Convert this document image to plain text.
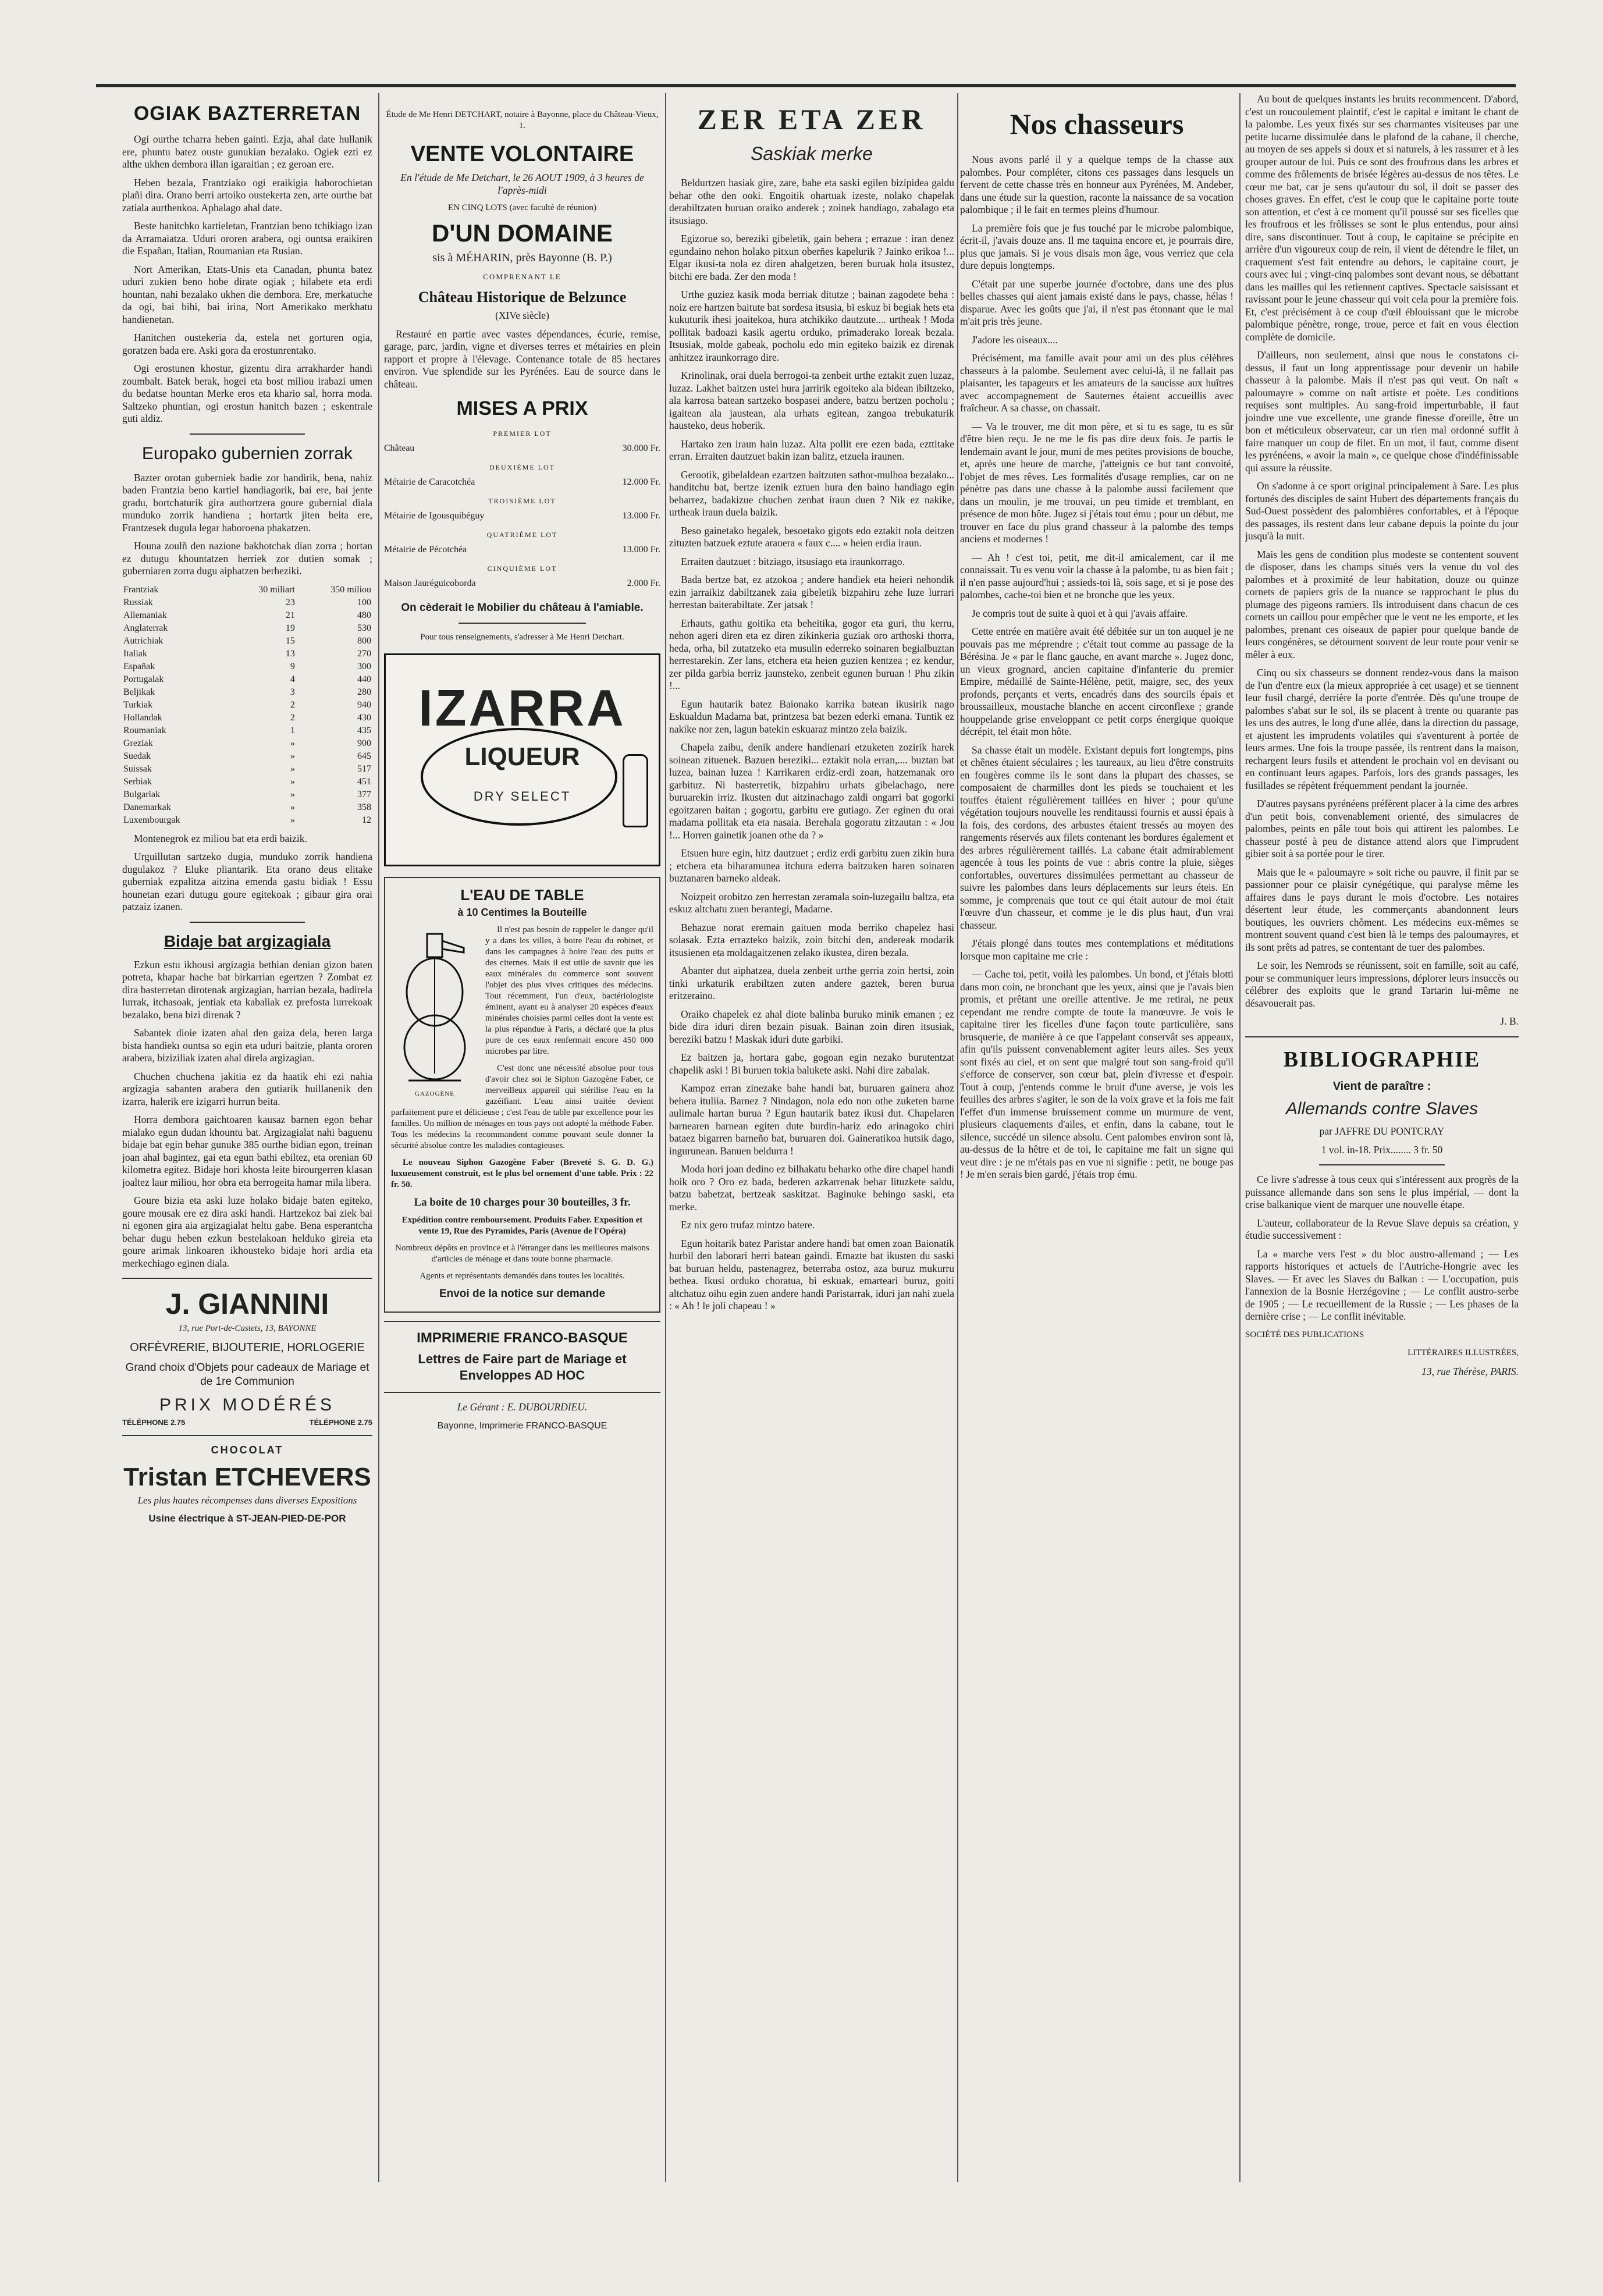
OGIAK BAZTERRETAN

Ogi ourthe tcharra heben gainti. Ezja, ahal date hullanik ere, phuntu batez ouste gunukian bezalako. Ogiek ezti ez althe ukhen dembora illan igaraitian ; ez geroan ere.

Heben bezala, Frantziako ogi eraikigia haborochietan plañi dira. Orano berri artoiko oustekerta zen, arte ourthe bat zatiala aurthenkoa. Aphalago ahal date.

Beste hanitchko kartieletan, Frantzian beno tchikiago izan da Arramaiatza. Uduri ororen arabera, ogi ountsa eraikiren die Españan, Italian, Roumanian eta Rusian.

Nort Amerikan, Etats-Unis eta Canadan, phunta batez uduri zukien beno hobe dirate ogiak ; hilabete eta erdi hountan, nahi bezalako ukhen die dembora. Ere, merkatuche da ogi, bai bihi, bai irina, Nort Amerikako merkhatu handienetan.

Hanitchen oustekeria da, estela net gorturen ogia, goratzen bada ere. Aski gora da erostunrentako.

Ogi erostunen khostur, gizentu dira arrakharder handi zoumbalt. Batek berak, hogei eta bost miliou irabazi umen du bedatse hountan Merke eros eta khario sal, horra moda. Saltzeko phuntian, ogi erostun hanitch bazen ; eskentrale guti aldiz.

Europako gubernien zorrak

Bazter orotan guberniek badie zor handirik, bena, nahiz baden Frantzia beno kartiel handiagorik, bai ere, bai jente gradu, bortchaturik gira authortzera goure gubernial diala munduko zorrik handiena ; hortartk jiten beita ere, Frantzesek dugula legar haboroena phakatzen.

Houna zoulñ den nazione bakhotchak dian zorra ; hortan ez dutugu khountatzen herriek zor dutien somak ; guberniaren zorra dugu aiphatzen berheziki.

Frantziak	30 miliart	350 miliou
Russiak	23	100
Allemaniak	21	480
Anglaterrak	19	530
Autrichiak	15	800
Italiak	13	270
Españak	9	300
Portugalak	4	440
Beljikak	3	280
Turkiak	2	940
Hollandak	2	430
Roumaniak	1	435
Greziak	»	900
Suedak	»	645
Suissak	»	517
Serbiak	»	451
Bulgariak	»	377
Danemarkak	»	358
Luxembourgak	»	12

Montenegrok ez miliou bat eta erdi baizik.

Urguillutan sartzeko dugia, munduko zorrik handiena dugulakoz ? Eluke pliantarik. Eta orano deus elitake guberniak ezpalitza aitzina emenda gastu bidiak ! Essu hounetan ezari dutugu goure egitekoak ; gibaur gira orai patzaiz izanen.

Bidaje bat argizagiala

Ezkun estu ikhousi argizagia bethian denian gizon baten potreta, khapar hache bat birkarrian egertzen ? Zombat ez dira basterretan dirotenak argizagian, harrian bezala, badirela lurrak, itchasoak, jentiak eta kabaliak ez prefosta lurrekoak bezalako, bena bizi direnak ?

Sabantek dioie izaten ahal den gaiza dela, beren larga bista handiekı ountsa so egin eta uduri baitzie, planta ororen arabera, biziziliak izaten ahal direla argizagian.

Chuchen chuchena jakitia ez da haatik ehi ezi nahia argizagia sabanten arabera den gutiarik huillanenik den izarra, halerik ere izigarri hurrun beita.

Horra dembora gaichtoaren kausaz barnen egon behar mialako egun dudan khountu bat. Argizagialat nahi baguenu bidaje bat egin behar gunuke 385 ourthe bidian egon, treinan joan ahal bagintez, gai eta egun bathi ebiltez, eta orenian 60 kilometra egitez. Bidaje hori khosta leite birourgerren klasan joaltez laur miliou, hor obra eta berrogeita hamar mila libera.

Goure bizia eta aski luze holako bidaje baten egiteko, goure mousak ere ez dira aski handi. Hartzekoz bai ziek bai ni egonen gira aia argizagialat heltu gabe. Bena esperantcha behar dugu heben ezkun bestelakoan helduko gireia eta goure arimak linkoaren ikhousteko bidaje hori ardia eta merkechiago eginen diala.

J. GIANNINI

13, rue Port-de-Castets, 13, BAYONNE

ORFÈVRERIE, BIJOUTERIE, HORLOGERIE

Grand choix d'Objets pour cadeaux de Mariage et de 1re Communion

PRIX MODÉRÉS

TÉLÉPHONE 2.75	TÉLÉPHONE 2.75

CHOCOLAT

Tristan ETCHEVERS

Les plus hautes récompenses dans diverses Expositions

Usine électrique à ST-JEAN-PIED-DE-POR

Étude de Me Henri DETCHART, notaire à Bayonne, place du Château-Vieux, 1.

VENTE VOLONTAIRE

En l'étude de Me Detchart, le 26 AOUT 1909, à 3 heures de l'après-midi

EN CINQ LOTS (avec faculté de réunion)

D'UN DOMAINE

sis à MÉHARIN, près Bayonne (B. P.)

COMPRENANT LE

Château Historique de Belzunce

(XIVe siècle)

Restauré en partie avec vastes dépendances, écurie, remise, garage, parc, jardin, vigne et diverses terres et métairies en plein rapport et propre à l'élevage. Contenance totale de 85 hectares environ. Vue splendide sur les Pyrénées. Eau de source dans le château.

MISES A PRIX
PREMIER LOT	
Château	30.000 Fr.
DEUXIÈME LOT	
Métairie de Caracotchéa	12.000 Fr.
TROISIÈME LOT	
Métairie de Igousquibéguy	13.000 Fr.
QUATRIÈME LOT	
Métairie de Pécotchéa	13.000 Fr.
CINQUIÈME LOT	
Maison Jauréguicoborda	2.000 Fr.

On cèderait le Mobilier du château à l'amiable.

Pour tous renseignements, s'adresser à Me Henri Detchart.

IZARRA
LIQUEUR
DRY SELECT
L'EAU DE TABLE

à 10 Centimes la Bouteille

GAZOGÈNE

Il n'est pas besoin de rappeler le danger qu'il y a dans les villes, à boire l'eau du robinet, et dans les campagnes à boire l'eau des puits et des citernes. Mais il est utile de savoir que les eaux minérales du commerce sont souvent l'objet des plus vives critiques des médecins. Tout récemment, l'un d'eux, bactériologiste éminent, ayant eu à analyser 20 espèces d'eaux minérales choisies parmi celles dont la vente est la plus répandue à Paris, a déclaré que la plus pure de ces eaux renfermait encore 450 000 microbes par litre.

C'est donc une nécessité absolue pour tous d'avoir chez soi le Siphon Gazogène Faber, ce merveilleux appareil qui stérilise l'eau en la gazéifiant. L'eau ainsi traitée devient parfaitement pure et délicieuse ; c'est l'eau de table par excellence pour les familles. Un million de ménages en tous pays ont adopté la méthode Faber. Tous les médecins la recommandent comme pouvant seule donner la sécurité absolue contre les maladies contagieuses.

Le nouveau Siphon Gazogène Faber (Breveté S. G. D. G.) luxueusement construit, est le plus bel ornement d'une table. Prix : 22 fr. 50.

La boite de 10 charges pour 30 bouteilles, 3 fr.

Expédition contre remboursement. Produits Faber. Exposition et vente 19, Rue des Pyramides, Paris (Avenue de l'Opéra)

Nombreux dépôts en province et à l'étranger dans les meilleures maisons d'articles de ménage et dans toute bonne pharmacie.

Agents et représentants demandés dans toutes les localités.

Envoi de la notice sur demande

IMPRIMERIE FRANCO-BASQUE

Lettres de Faire part de Mariage et Enveloppes AD HOC

Le Gérant : E. DUBOURDIEU.

Bayonne, Imprimerie FRANCO-BASQUE

ZER ETA ZER

Saskiak merke

Beldurtzen hasiak gire, zare, bahe eta saski egilen bizipidea galdu behar othe den ooki. Engoitik ohartuak izeste, nolako chapelak derabiltzaten buruan oraiko anderek ; zoinek handiago, zabalago eta itsusiago.

Egizorue so, bereziki gibeletik, gain behera ; errazue : iran denez egundaino nehon holako pitxun oberñes kapelurik ? Jainko erikoa !... Elgar ikusi-ta nola ez diren ahalgetzen, beren buruak hola itsustez, bitchi ere bada. Zer den moda !

Urthe guziez kasik moda berriak ditutze ; bainan zagodete beha : noiz ere hartzen baitute bat sordesa itsusia, bi eskuz bi begiak hets eta kukuturik ihesi joaitekoa, hura atchikiko dautzute.... urtheak ! Moda pollitak badoazi kasik agertu orduko, primaderako loreak bezala. Itsusiak, molde gabeak, pocholu edo min egiteko baizik ez direnak anhitzez iraunkorrago dire.

Krinolinak, orai duela berrogoi-ta zenbeit urthe eztakit zuen luzaz, luzaz. Lakhet baitzen ustei hura jarririk egoiteko ala bidean ibiltzeko, ala karrosa batean sartzeko bospasei andere, batzu bertzen pocholu ; igaitean ala jaustean, ala urhats egitean, zangoa trebukaturik hausteko, deus hoberik.

Hartako zen iraun hain luzaz. Alta pollit ere ezen bada, ezttitake erran. Erraiten dautzuet bakin izan balitz, etzuela iraunen.

Gerootik, gibelaldean ezartzen baitzuten sathor-mulhoa bezalako... handitchu bat, bertze izenik eztuen hura den baino handiago egin beharrez, badakizue chuchen zenbat iraun duen ? Nik ez nakike, urtheak iraun duela baizik.

Beso gainetako hegalek, besoetako gigots edo eztakit nola deitzen zituzten batzuek eztute arauera « faux c.... » heien erdia iraun.

Erraiten dautzuet : bitziago, itsusiago eta iraunkorrago.

Bada bertze bat, ez atzokoa ; andere handiek eta heieri nehondik ezin jarraikiz dabiltzanek zaia gibeletik bizpahiru zehe luze lurrari herrestan baiterabiltate. Zer jatsak !

Erhauts, gathu goitika eta beheitika, gogor eta guri, thu kerru, nehon ageri diren eta ez diren zikinkeria guziak oro arthoski thorra, heda, orha, bil zutatzeko eta musulin ederreko soinaren begialbuztan herrestarekin. Zer lans, etchera eta heien guzien kentzea ; ez kendur, zer pilda garbia berriz jaunsteko, zenbeit egunen buruan ! Phu zikin !...

Egun hautarik batez Baionako karrika batean ikusirik nago Eskualdun Madama bat, printzesa bat bezen ederki emana. Tuntik ez nakike nor zen, lagun batekin eskuaraz mintzo zela baizik.

Chapela zaibu, denik andere handienari etzuketen zozirik harek soinean zituenek. Bazuen bereziki... eztakit nola erran,.... buztan bat luzea, bainan luzea ! Karrikaren erdiz-erdi zoan, hatzemanak oro garbituz. Ni basterretik, bizpahiru urhats gibelachago, nere buruarekin irriz. Ikusten dut aitzinachago zaldi ongarri bat gogorki egoitzaren baitan ; gogortu, garbitu ere gutiago. Zer eginen du orai madama pollitak eta eta nasaia. Berehala gogoratu zitzautan : « Jou !... Horren gainetik joanen othe da ? »

Etsuen hure egin, hitz dautzuet ; erdiz erdi garbitu zuen zikin hura ; etchera eta biharamunea itchura ederra baitzuken haren soinaren buztanaren barneko aldeak.

Noizpeit orobitzo zen herrestan zeramala soin-luzegailu baltza, eta eskuz altchatu zuen berantegi, Madame.

Behazue norat eremain gaituen moda berriko chapelez hasi solasak. Ezta errazteko baizik, zoin bitchi den, andereak modarik itsusienen eta moldagaitzenen zelako ikustea, diren bezala.

Abanter dut aiphatzea, duela zenbeit urthe gerria zoin hertsi, zoin tinki urkaturik erabiltzen zuten andere gaztek, beren burua eritzeraino.

Oraiko chapelek ez ahal diote balinba buruko minik emanen ; ez bide dira iduri diren bezain pisuak. Bainan zoin diren itsusiak, bereziki batzu ! Maskak iduri dute garbiki.

Ez baitzen ja, hortara gabe, gogoan egin nezako burutentzat chapelik aski ! Bi buruen tokia balukete aski. Nahi dire zabalak.

Kampoz erran zinezake bahe handi bat, buruaren gainera ahoz behera ituliia. Barnez ? Nindagon, nola edo non othe zuketen barne aulimale hartan burua ? Egun hautarik batez ikusi dut. Chapelaren barnearen barnean egiten dute burdin-hariz edo arinagoko chiri bataez bigarren barneño bat, buruaren doi. Gaineratikoa hutsik dago, ingurunean. Banuen beldurra !

Moda hori joan dedino ez bilhakatu beharko othe dire chapel handi hoik oro ? Oro ez bada, bederen azkarrenak behar lituzkete saldu, batzu babetzat, bertzeak saskitzat. Baginuke behingo saski, eta merke.

Ez nix gero trufaz mintzo batere.

Egun hoitarik batez Paristar andere handi bat omen zoan Baionatik hurbil den laborari herri batean gaindi. Emazte bat ikusten du saski bat buruan heldu, pastenagrez, beterraba ostoz, aza buruz mukurru bethea. Ikusi orduko choratua, bi eskuak, emarteari buruz, goiti altchatuz oihu egin zuen andere handi Paristarrak, iduri jan nahi zuela : « Ah ! le joli chapeau ! »

Nos chasseurs

Nous avons parlé il y a quelque temps de la chasse aux palombes. Pour compléter, citons ces passages dans lesquels un fervent de cette chasse très en honneur aux Pyrénées, M. Andeber, dans une étude sur la question, raconte la naissance de sa vocation palombique ; il le fait en termes pleins d'humour.

La première fois que je fus touché par le microbe palombique, écrit-il, j'avais douze ans. Il me taquina encore et, je pourrais dire, plus que jamais. Si je vous disais mon âge, vous verriez que cela dure depuis longtemps.

C'était par une superbe journée d'octobre, dans une des plus belles chasses qui aient jamais existé dans le pays, chasse, hélas ! disparue. Avec les goûts que j'ai, il n'est pas étonnant que le mal m'ait pris très jeune.

J'adore les oiseaux....

Précisément, ma famille avait pour ami un des plus célèbres chasseurs à la palombe. Seulement avec celui-là, il ne fallait pas plaisanter, les tapageurs et les amateurs de la saucisse aux huîtres avec accompagnement de Sauternes étaient accueillis avec fraîcheur. A sa chasse, on chassait.

— Va le trouver, me dit mon père, et si tu es sage, tu es sûr d'être bien reçu. Je ne me le fis pas dire deux fois. Je partis le lendemain avant le jour, muni de mes petites provisions de bouche, et, après une heure de marche, j'atteignis ce but tant convoité, l'objet de mes rêves. Les formalités d'usage remplies, car on ne pénètre pas dans une chasse à la palombe aussi facilement que dans un moulin, je me trouvai, un peu timide et tremblant, en présence de mon hôte. Jugez si j'étais tout ému ; pour un début, me trouver en face du plus grand chasseur à la palombe des temps anciens et modernes !

— Ah ! c'est toi, petit, me dit-il amicalement, car il me connaissait. Tu es venu voir la chasse à la palombe, tu as bien fait ; il n'en passe aujourd'hui ; assieds-toi là, sois sage, et si je pose des palombes, cache-toi bien et ne bronche que les yeux.

Je compris tout de suite à quoi et à qui j'avais affaire.

Cette entrée en matière avait été débitée sur un ton auquel je ne pouvais pas me méprendre ; c'était tout comme au passage de la Bérésina. Je « par le flanc gauche, en avant marche ». Jugez donc, un vieux grognard, ancien capitaine d'infanterie du premier Empire, médaillé de Sainte-Hélène, petit, maigre, sec, des yeux profonds, perçants et verts, encadrés dans des sourcils épais et broussailleux, moustache blanche en accent circonflexe ; grande houppelande grise enveloppant ce petit corps énergique quoique décrépit, tel était mon hôte.

Sa chasse était un modèle. Existant depuis fort longtemps, pins et chênes étaient séculaires ; les taureaux, au lieu d'être construits en fougères comme ils le sont dans la plupart des chasses, se composaient de charmilles dont les pieds se touchaient et les touffes étaient régulièrement taillées en hiver ; pour qu'une végétation toujours nouvelle les renditaussi fournis et aussi épais à la fois, des cordons, des arbustes étaient tressés au moyen des rangements réservés aux filets contenant les bordures également et des arbres régulièrement taillés. La cabane était admirablement agencée à tous les points de vue : abris contre la pluie, sièges confortables, ouvertures dissimulées permettant au chasseur de suivre les palombes dans leurs déplacements sur leurs éteis. En somme, je comprenais que tout ce qui était autour de moi était l'œuvre d'un chasseur, et comme je le dis plus haut, d'un vrai chasseur.

J'étais plongé dans toutes mes contemplations et méditations lorsque mon capitaine me crie :

— Cache toi, petit, voilà les palombes. Un bond, et j'étais blotti dans mon coin, ne bronchant que les yeux, ainsi que je l'avais bien promis, et prêtant une oreille attentive. Je me retirai, ne peux cependant me rendre compte de toute la manœuvre. Je vois le capitaine tirer les ficelles d'une façon toute particulière, sans brusquerie, de manière à ce que l'appelant conservât ses appeaux, afin qu'ils puissent convenablement agiter leurs ailes. Ses yeux sont fixés au ciel, et on sent que malgré tout son sang-froid qu'il s'efforce de conserver, son cœur bat, plein d'ivresse et d'espoir. Tout à coup, j'entends comme le bruit d'une averse, je vois les feuilles des arbres s'agiter, le son de la voix grave et la fois me fait l'effet d'un immense bruissement comme un murmure de vent, plusieurs claquements d'ailes, et enfin, dans la cabane, tout le silence, succédé un silence absolu. Cent palombes environ sont là, au-dessus de la hêtre et de toi, le capitaine me fait un signe qui veut dire : je ne m'étais pas en vue ni signifie : petit, ne bouge pas ! Je m'en serais bien gardé, j'étais trop ému.

Au bout de quelques instants les bruits recommencent. D'abord, c'est un roucoulement plaintif, c'est le capital e imitant le chant de la palombe. Les yeux fixés sur ses charmantes visiteuses par une petite lucarne dissimulée dans le plafond de la cabane, il cherche, au moyen de ses appels si doux et si naturels, à les rassurer et à les grouper autour de lui. Puis ce sont des froufrous dans les arbres et comme des frôlements de brisée légères au-dessus de nos têtes. Le cœur me bat, car je sens qu'autour du sol, il doit se passer des choses graves. En effet, c'est le coup que le capitaine porte toute son attention, et c'est à ce moment qu'il poussé sur ses ficelles que les froufrous et les frôlisses se sont le plus entendus, pour ainsi dire, sans discontinuer. Tout à coup, le capitaine se précipite en arrière d'un vigoureux coup de rein, il vient de détendre le filet, un craquement s'est fait entendre au dehors, le capitaine court, je cours avec lui ; vingt-cinq palombes sont devant nous, se débattant dans les mailles qui les retiennent captives. Spectacle saisissant et ravissant pour le jeune chasseur qui voit cela pour la première fois. Et, c'est précisément à ce coup d'œil éblouissant que le microbe palombique pénètre, ronge, troue, perce et fait en vous élection complète de domicile.

D'ailleurs, non seulement, ainsi que nous le constatons ci-dessus, il faut un long apprentissage pour devenir un habile chasseur à la palombe. Mais il n'est pas qui veut. On naît « paloumayre » comme on naît artiste et poète. Les conditions requises sont multiples. Au sang-froid imperturbable, il faut joindre une vue excellente, une grande finesse d'oreille, être un bon et méticuleux observateur, car un rien mal ordonné suffit à faire manquer un coup de filet. En un mot, il faut, comme disent les pyrénéens, « avoir la main », ce quelque chose d'indéfinissable qui assure la réussite.

On s'adonne à ce sport original principalement à Sare. Les plus fortunés des disciples de saint Hubert des départements français du Sud-Ouest possèdent des palombières confortables, et à l'époque des passages, ils restent dans leur cabane depuis la pointe du jour jusqu'à la nuit.

Mais les gens de condition plus modeste se contentent souvent de disposer, dans les champs situés vers la venue du vol des palombes et à proximité de leur habitation, douze ou quinze cornets de papiers gris de la nuance se rapprochant le plus du plumage des pigeons ramiers. Ils introduisent dans chacun de ces cornets un caillou pour empêcher que le vent ne les emporte, et les palombes, prenant ces oiseaux de papier pour quelque bande de leurs congénères, se détournent souvent de leur route pour venir se mêler à eux.

Cinq ou six chasseurs se donnent rendez-vous dans la maison de l'un d'entre eux (la mieux appropriée à cet usage) et se tiennent leur fusil chargé, derrière la porte d'entrée. Dès qu'une troupe de palombes s'abat sur le sol, ils se placent à trente ou quarante pas les uns des autres, le long d'une allée, dans la direction du passage, et ajustent les imprudents volatiles qui s'aventurent à portée de leurs armes. Une fois la troupe passée, ils rentrent dans la maison, rechargent leurs fusils et attendent le prochain vol en devisant ou en continuant leurs agapes. Parfois, lors des grands passages, les fusillades se répètent fréquemment pendant la journée.

D'autres paysans pyrénéens préfèrent placer à la cime des arbres d'un petit bois, convenablement orienté, des simulacres de palombes, peints en pâle tout bois qui attirent les palombes. Le chasseur posté à peu de distance attend alors que l'imprudent gibier soit à sa portée pour le tirer.

Mais que le « paloumayre » soit riche ou pauvre, il finit par se passionner pour ce plaisir cynégétique, qui paralyse même les affaires dans le pays durant le mois d'octobre. Les notaires désertent leur étude, les commerçants abandonnent leurs boutiques, les ouvriers chôment. Les médecins eux-mêmes se montrent souvent quand c'est bien là le temps des paloumayres, et ils sont prêts ad patres, se contentant de tuer des palombes.

Le soir, les Nemrods se réunissent, soit en famille, soit au café, pour se communiquer leurs impressions, déplorer leurs insuccès ou célébrer des exploits que le grand Tartarin lui-même ne désavouerait pas.

J. B.

BIBLIOGRAPHIE

Vient de paraître :

Allemands contre Slaves

par JAFFRE DU PONTCRAY

1 vol. in-18. Prix........ 3 fr. 50

Ce livre s'adresse à tous ceux qui s'intéressent aux progrès de la puissance allemande dans son sens le plus impérial, — dont la crise balkanique vient de marquer une nouvelle étape.

L'auteur, collaborateur de la Revue Slave depuis sa création, y étudie successivement :

La « marche vers l'est » du bloc austro-allemand ; — Les rapports historiques et actuels de l'Autriche-Hongrie avec les Slaves. — Et avec les Slaves du Balkan : — L'occupation, puis l'annexion de la Bosnie Herzégovine ; — Le conflit austro-serbe de 1905 ; — Le recueillement de la Russie ; — Les phases de la dernière crise ; — Le conflit inévitable.

SOCIÉTÉ DES PUBLICATIONS

LITTÉRAIRES ILLUSTRÉES,

13, rue Thérèse, PARIS.
